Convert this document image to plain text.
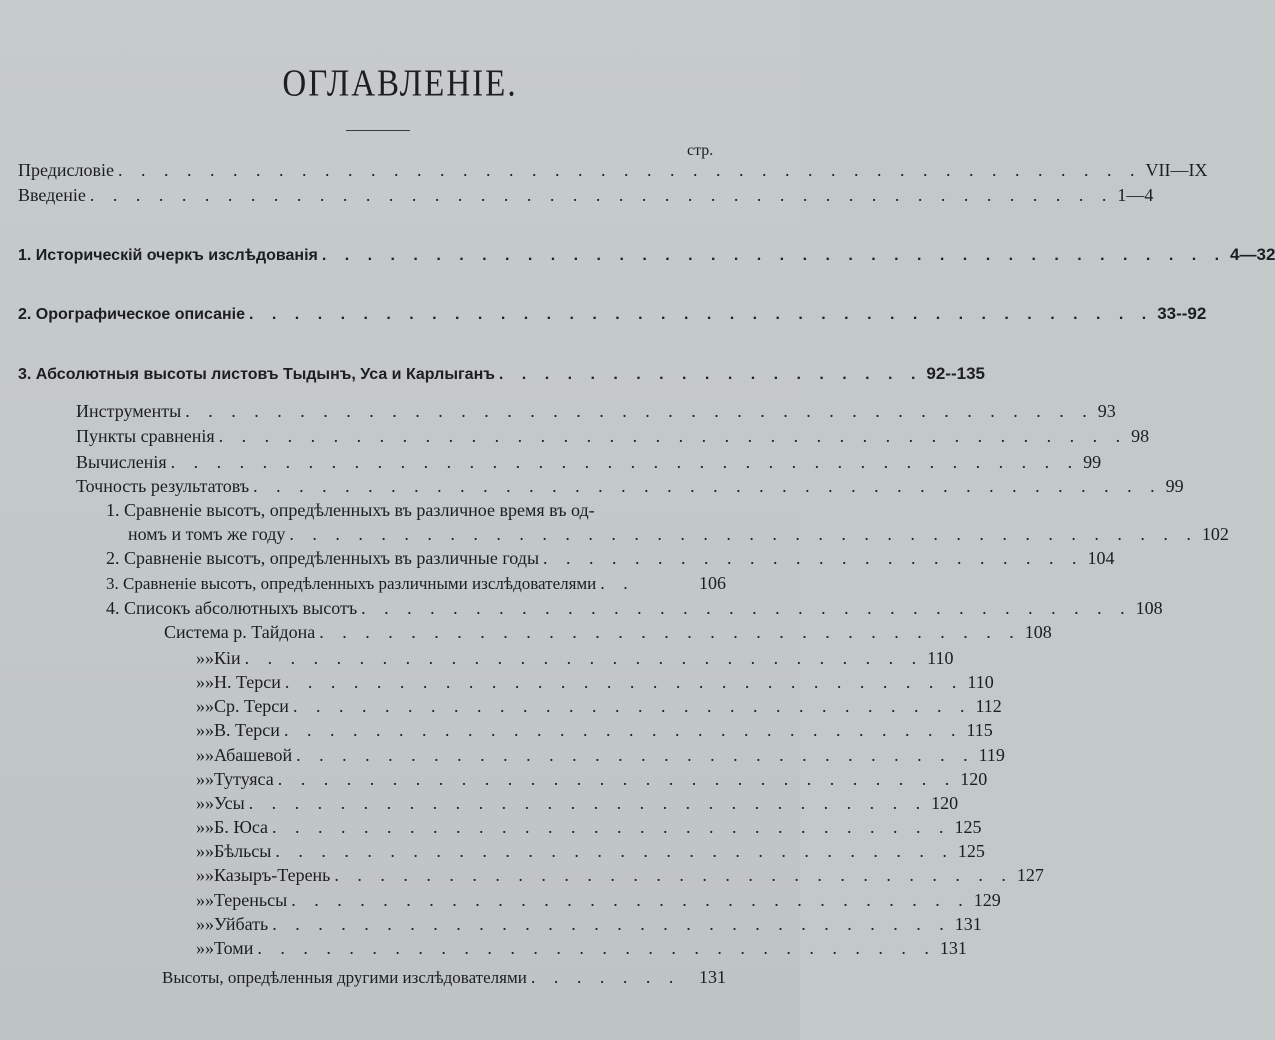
ОГЛАВЛЕНІЕ.
стр.
Предисловіе . . . . . . . . . . . . . . . . . . . . . . . . . . . . . . . . . . . . . . . . . . . . . VII—IX
Введеніе . . . . . . . . . . . . . . . . . . . . . . . . . . . . . . . . . . . . . . . . . . . . . 1—4
1. Историческій очеркъ изслѣдованія . . . . . . . . . . . . . . . . . . . . . . . . . . . . . . . . . . . . . . . . 4—32
2. Орографическое описаніе . . . . . . . . . . . . . . . . . . . . . . . . . . . . . . . . . . . . . . . . 33--92
3. Абсолютныя высоты листовъ Тыдынъ, Уса и Карлыганъ . . . . . . . . . . . . . . . . . . . 92--135
Инструменты . . . . . . . . . . . . . . . . . . . . . . . . . . . . . . . . . . . . . . . . 93
Пункты сравненія . . . . . . . . . . . . . . . . . . . . . . . . . . . . . . . . . . . . . . . . 98
Вычисленія . . . . . . . . . . . . . . . . . . . . . . . . . . . . . . . . . . . . . . . . 99
Точность результатовъ . . . . . . . . . . . . . . . . . . . . . . . . . . . . . . . . . . . . . . . . 99
1. Сравненіе высотъ, опредѣленныхъ въ различное время въ од-
номъ и томъ же году . . . . . . . . . . . . . . . . . . . . . . . . . . . . . . . . . . . . . . . . 102
2. Сравненіе высотъ, опредѣленныхъ въ различные годы . . . . . . . . . . . . . . . . . . . . . . . . 104
3. Сравненіе высотъ, опредѣленныхъ различными изслѣдователями . .	106
4. Списокъ абсолютныхъ высотъ . . . . . . . . . . . . . . . . . . . . . . . . . . . . . . . . . . 108
Система р. Тайдона . . . . . . . . . . . . . . . . . . . . . . . . . . . . . . . 108
» » Кіи . . . . . . . . . . . . . . . . . . . . . . . . . . . . . . 110
» » Н. Терси . . . . . . . . . . . . . . . . . . . . . . . . . . . . . . 110
» » Ср. Терси . . . . . . . . . . . . . . . . . . . . . . . . . . . . . . 112
» » В. Терси . . . . . . . . . . . . . . . . . . . . . . . . . . . . . . 115
» » Абашевой . . . . . . . . . . . . . . . . . . . . . . . . . . . . . . 119
» » Тутуяса . . . . . . . . . . . . . . . . . . . . . . . . . . . . . . 120
» » Усы . . . . . . . . . . . . . . . . . . . . . . . . . . . . . . 120
» » Б. Юса . . . . . . . . . . . . . . . . . . . . . . . . . . . . . . 125
» » Бѣльсы . . . . . . . . . . . . . . . . . . . . . . . . . . . . . . 125
» » Казыръ-Терень . . . . . . . . . . . . . . . . . . . . . . . . . . . . . . 127
» » Тереньсы . . . . . . . . . . . . . . . . . . . . . . . . . . . . . . 129
» » Уйбать . . . . . . . . . . . . . . . . . . . . . . . . . . . . . . 131
» » Томи . . . . . . . . . . . . . . . . . . . . . . . . . . . . . . 131
Высоты, опредѣленныя другими изслѣдователями . . . . . . .	131
